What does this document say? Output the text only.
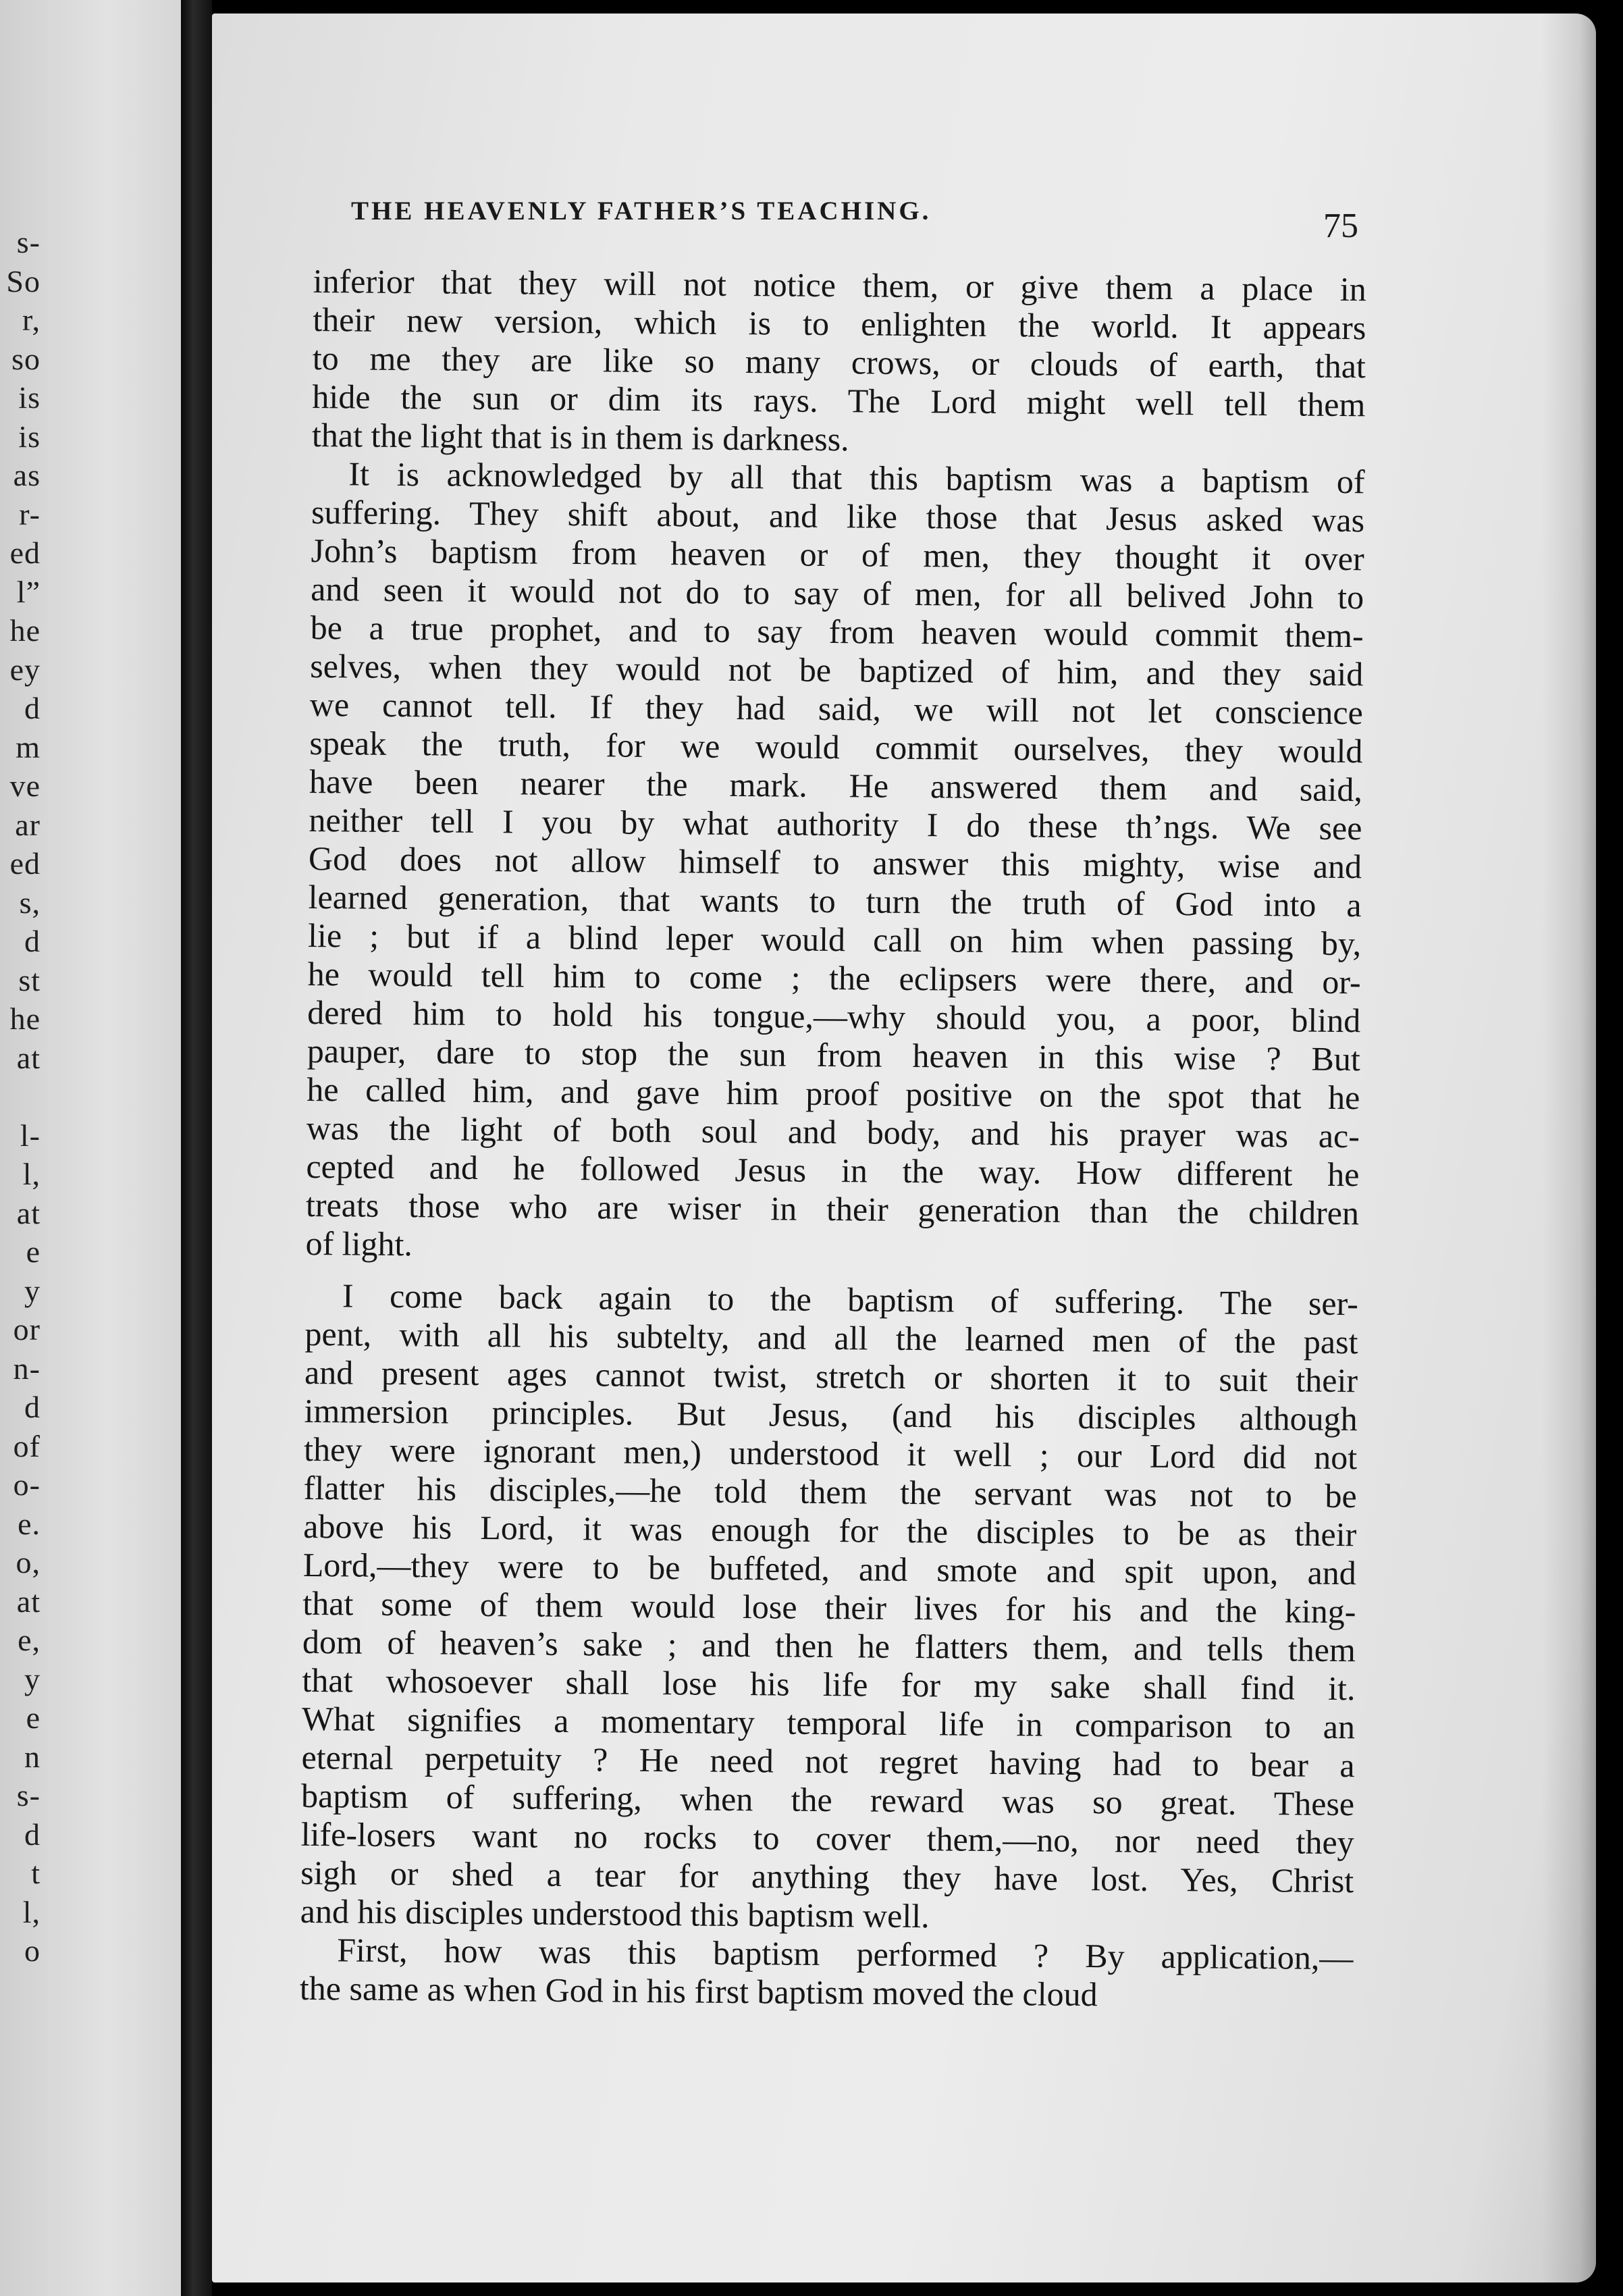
s-
So
r,
so
is
is
as
r-
ed
l”
he
ey
d
m
ve
ar
ed
s,
d
st
he
at
l-
l,
at
e
y
or
n-
d
of
o-
e.
o,
at
e,
y
e
n
s-
d
t
l,
o
THE HEAVENLY FATHER’S TEACHING.	75
inferior that they will not notice them, or give them a place in
their new version, which is to enlighten the world. It appears
to me they are like so many crows, or clouds of earth, that
hide the sun or dim its rays. The Lord might well tell them
that the light that is in them is darkness.
It is acknowledged by all that this baptism was a baptism of
suffering. They shift about, and like those that Jesus asked was
John’s baptism from heaven or of men, they thought it over
and seen it would not do to say of men, for all belived John to
be a true prophet, and to say from heaven would commit them-
selves, when they would not be baptized of him, and they said
we cannot tell. If they had said, we will not let conscience
speak the truth, for we would commit ourselves, they would
have been nearer the mark. He answered them and said,
neither tell I you by what authority I do these th’ngs. We see
God does not allow himself to answer this mighty, wise and
learned generation, that wants to turn the truth of God into a
lie ; but if a blind leper would call on him when passing by,
he would tell him to come ; the eclipsers were there, and or-
dered him to hold his tongue,—why should you, a poor, blind
pauper, dare to stop the sun from heaven in this wise ? But
he called him, and gave him proof positive on the spot that he
was the light of both soul and body, and his prayer was ac-
cepted and he followed Jesus in the way. How different he
treats those who are wiser in their generation than the children
of light.
I come back again to the baptism of suffering. The ser-
pent, with all his subtelty, and all the learned men of the past
and present ages cannot twist, stretch or shorten it to suit their
immersion principles. But Jesus, (and his disciples although
they were ignorant men,) understood it well ; our Lord did not
flatter his disciples,—he told them the servant was not to be
above his Lord, it was enough for the disciples to be as their
Lord,—they were to be buffeted, and smote and spit upon, and
that some of them would lose their lives for his and the king-
dom of heaven’s sake ; and then he flatters them, and tells them
that whosoever shall lose his life for my sake shall find it.
What signifies a momentary temporal life in comparison to an
eternal perpetuity ? He need not regret having had to bear a
baptism of suffering, when the reward was so great. These
life-losers want no rocks to cover them,—no, nor need they
sigh or shed a tear for anything they have lost. Yes, Christ
and his disciples understood this baptism well.
First, how was this baptism performed ? By application,—
the same as when God in his first baptism moved the cloud
